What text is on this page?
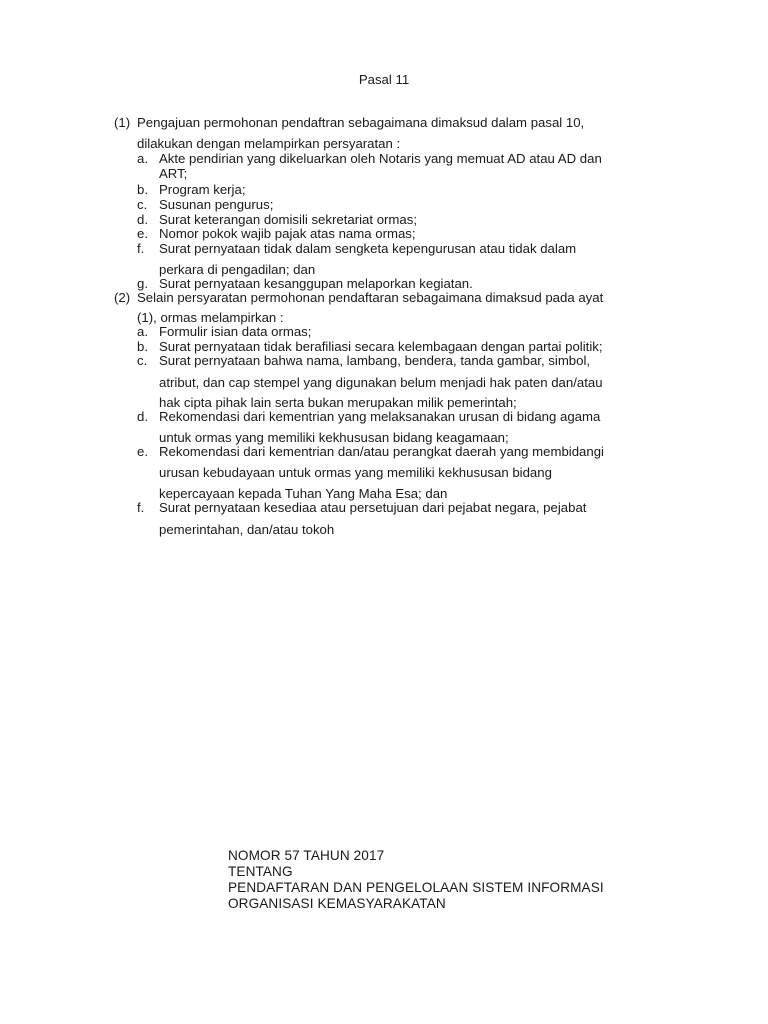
Pasal 11
(1) Pengajuan permohonan pendaftran sebagaimana dimaksud dalam pasal 10,
dilakukan dengan melampirkan persyaratan :
a. Akte pendirian yang dikeluarkan oleh Notaris yang memuat AD atau AD dan
ART;
b. Program kerja;
c. Susunan pengurus;
d. Surat keterangan domisili sekretariat ormas;
e. Nomor pokok wajib pajak atas nama ormas;
f. Surat pernyataan tidak dalam sengketa kepengurusan atau tidak dalam
perkara di pengadilan; dan
g. Surat pernyataan kesanggupan melaporkan kegiatan.
(2) Selain persyaratan permohonan pendaftaran sebagaimana dimaksud pada ayat
(1), ormas melampirkan :
a. Formulir isian data ormas;
b. Surat pernyataan tidak berafiliasi secara kelembagaan dengan partai politik;
c. Surat pernyataan bahwa nama, lambang, bendera, tanda gambar, simbol,
atribut, dan cap stempel yang digunakan belum menjadi hak paten dan/atau
hak cipta pihak lain serta bukan merupakan milik pemerintah;
d. Rekomendasi dari kementrian yang melaksanakan urusan di bidang agama
untuk ormas yang memiliki kekhususan bidang keagamaan;
e. Rekomendasi dari kementrian dan/atau perangkat daerah yang membidangi
urusan kebudayaan untuk ormas yang memiliki kekhususan bidang
kepercayaan kepada Tuhan Yang Maha Esa; dan
f. Surat pernyataan kesediaa atau persetujuan dari pejabat negara, pejabat
pemerintahan, dan/atau tokoh
NOMOR 57 TAHUN 2017
TENTANG
PENDAFTARAN DAN PENGELOLAAN SISTEM INFORMASI
ORGANISASI KEMASYARAKATAN
